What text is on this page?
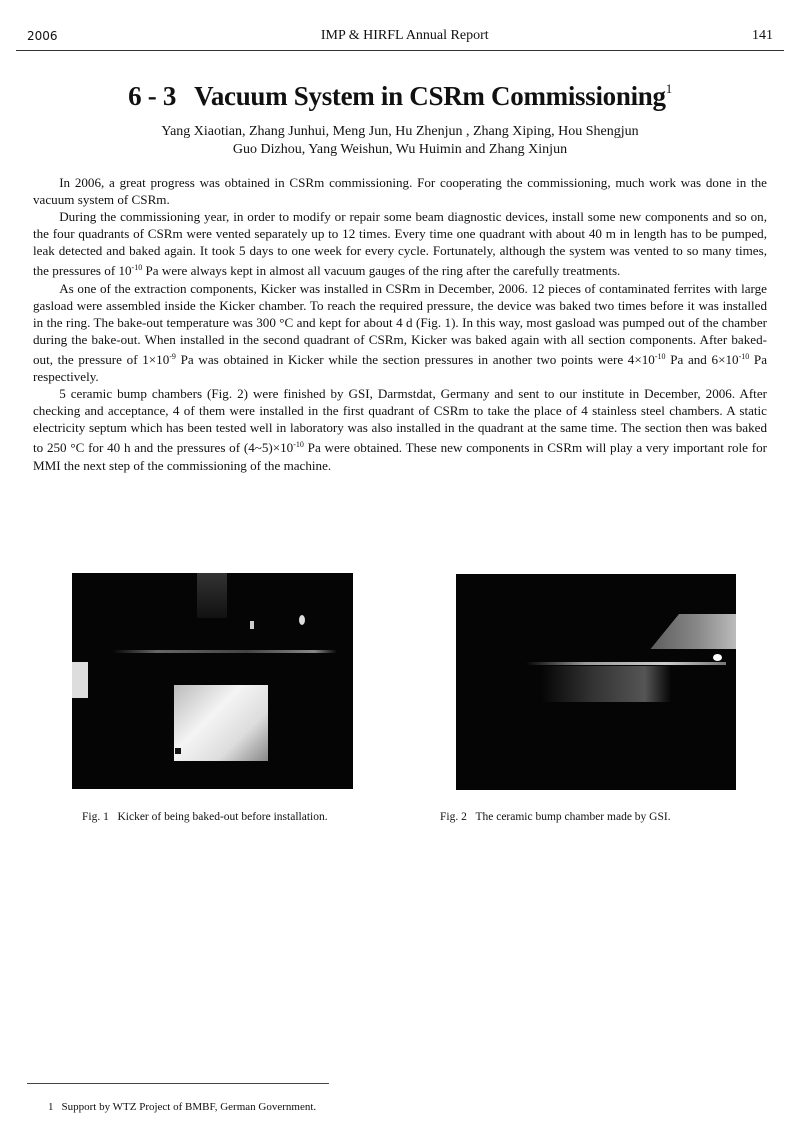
2006	IMP & HIRFL Annual Report	141
6 - 3 Vacuum System in CSRm Commissioning$^1$
Yang Xiaotian, Zhang Junhui, Meng Jun, Hu Zhenjun , Zhang Xiping, Hou Shengjun
Guo Dizhou, Yang Weishun, Wu Huimin and Zhang Xinjun

In 2006, a great progress was obtained in CSRm commissioning. For cooperating the commissioning, much work was done in the vacuum system of CSRm.

During the commissioning year, in order to modify or repair some beam diagnostic devices, install some new components and so on, the four quadrants of CSRm were vented separately up to 12 times. Every time one quadrant with about 40 m in length has to be pumped, leak detected and baked again. It took 5 days to one week for every cycle. Fortunately, although the system was vented to so many times, the pressures of $10^{-10}$ Pa were always kept in almost all vacuum gauges of the ring after the carefully treatments.

As one of the extraction components, Kicker was installed in CSRm in December, 2006. 12 pieces of contaminated ferrites with large gasload were assembled inside the Kicker chamber. To reach the required pressure, the device was baked two times before it was installed in the ring. The bake-out temperature was 300 °C and kept for about 4 d (Fig. 1). In this way, most gasload was pumped out of the chamber during the bake-out. When installed in the second quadrant of CSRm, Kicker was baked again with all section components. After baked-out, the pressure of $1\times 10^{-9}$ Pa was obtained in Kicker while the section pressures in another two points were $4\times 10^{-10}$ Pa and $6\times 10^{-10}$ Pa respectively.

5 ceramic bump chambers (Fig. 2) were finished by GSI, Darmstdat, Germany and sent to our institute in December, 2006. After checking and acceptance, 4 of them were installed in the first quadrant of CSRm to take the place of 4 stainless steel chambers. A static electricity septum which has been tested well in laboratory was also installed in the quadrant at the same time. The section then was baked to 250 °C for 40 h and the pressures of $(4\sim 5)\times 10^{-10}$ Pa were obtained. These new components in CSRm will play a very important role for MMI the next step of the commissioning of the machine.

Fig. 1 Kicker of being baked-out before installation.	Fig. 2 The ceramic bump chamber made by GSI.
1 Support by WTZ Project of BMBF, German Government.
